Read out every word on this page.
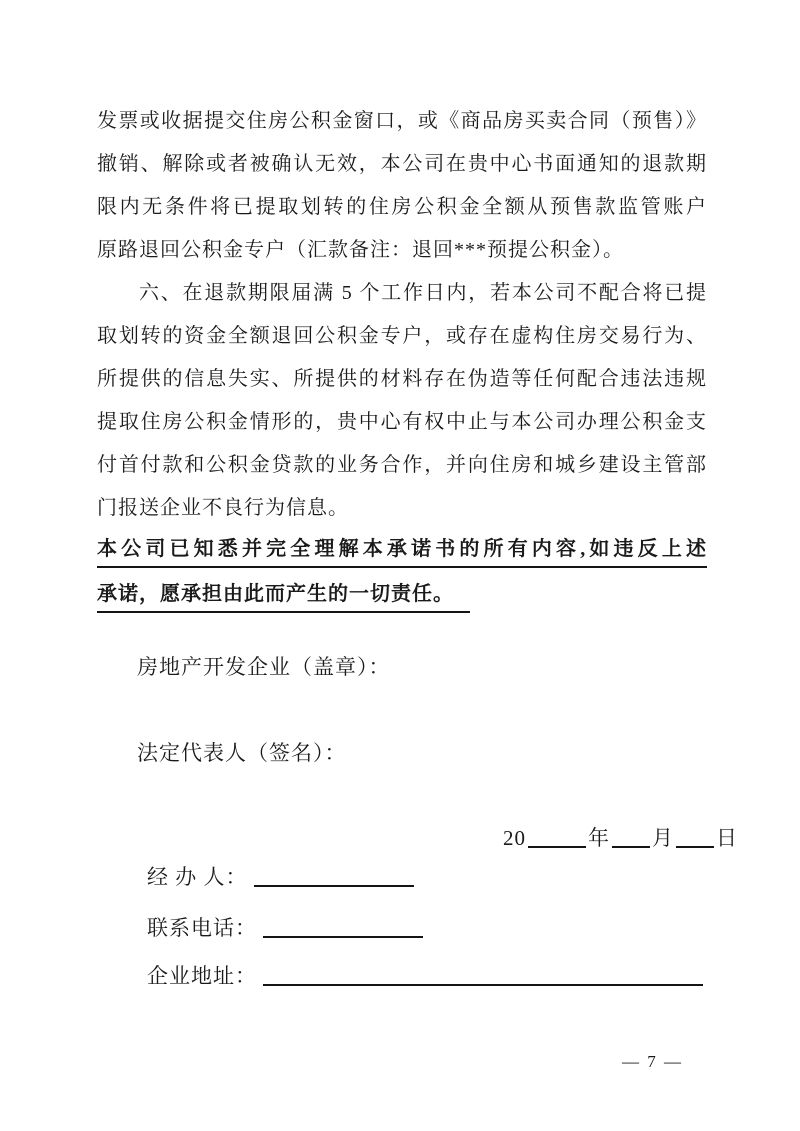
发票或收据提交住房公积金窗口，或《商品房买卖合同（预售）》
撤销、解除或者被确认无效，本公司在贵中心书面通知的退款期
限内无条件将已提取划转的住房公积金全额从预售款监管账户
原路退回公积金专户（汇款备注：退回***预提公积金）。
六、在退款期限届满 5 个工作日内，若本公司不配合将已提
取划转的资金全额退回公积金专户，或存在虚构住房交易行为、
所提供的信息失实、所提供的材料存在伪造等任何配合违法违规
提取住房公积金情形的，贵中心有权中止与本公司办理公积金支
付首付款和公积金贷款的业务合作，并向住房和城乡建设主管部
门报送企业不良行为信息。
本公司已知悉并完全理解本承诺书的所有内容,如违反上述
承诺，愿承担由此而产生的一切责任。
房地产开发企业（盖章）：
法定代表人（签名）：
20	年 月 日
经 办 人：
联系电话：
企业地址：
— 7 —
